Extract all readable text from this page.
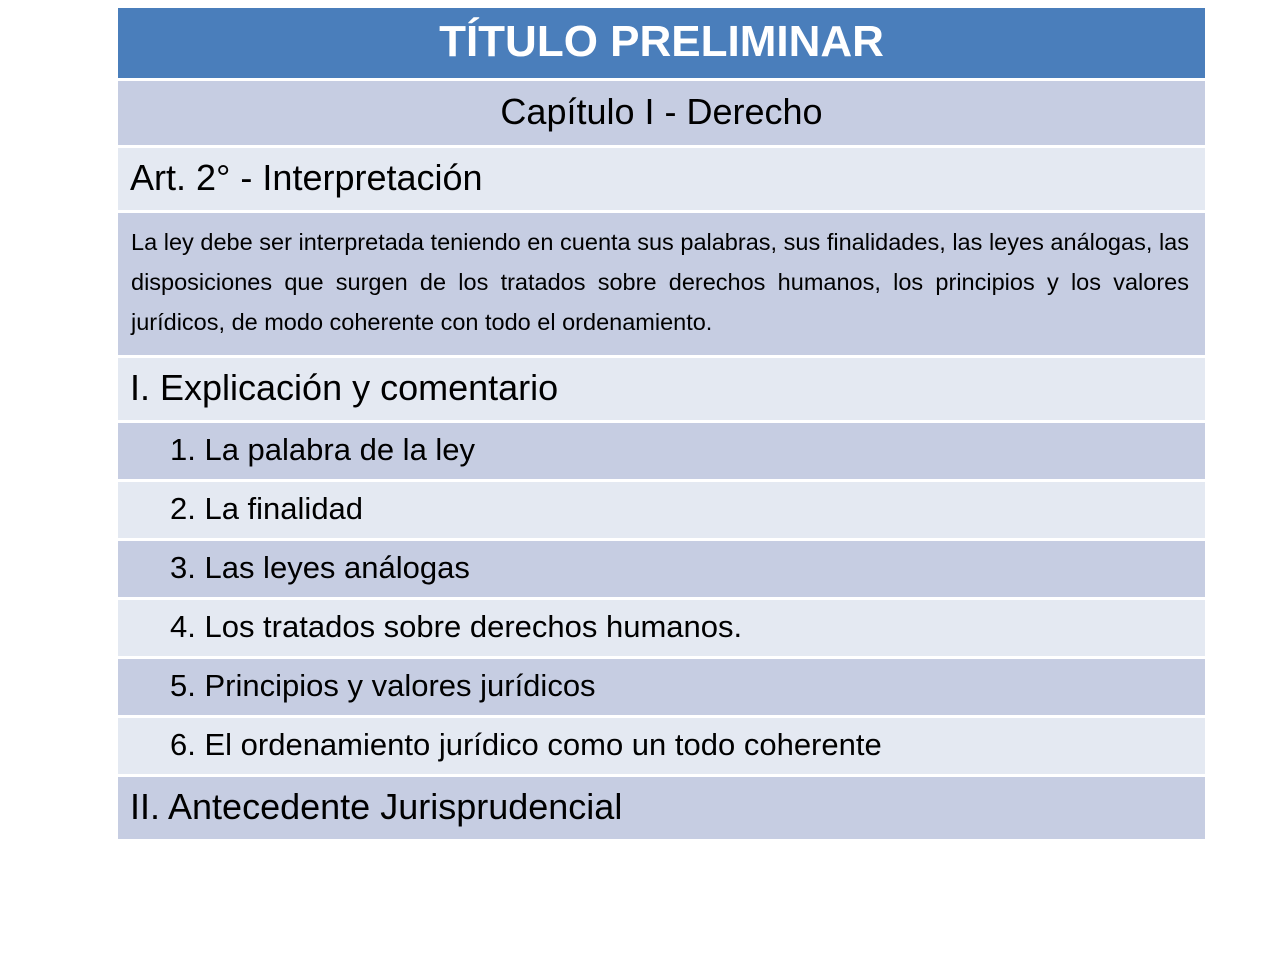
TÍTULO PRELIMINAR
Capítulo I - Derecho
Art. 2° - Interpretación
La ley debe ser interpretada teniendo en cuenta sus palabras, sus finalidades, las leyes análogas, las disposiciones que surgen de los tratados sobre derechos humanos, los principios y los valores jurídicos, de modo coherente con todo el ordenamiento.
I. Explicación y comentario
1. La palabra de la ley
2. La finalidad
3. Las leyes análogas
4. Los tratados sobre derechos humanos.
5. Principios y valores jurídicos
6. El ordenamiento jurídico como un todo coherente
II. Antecedente Jurisprudencial
